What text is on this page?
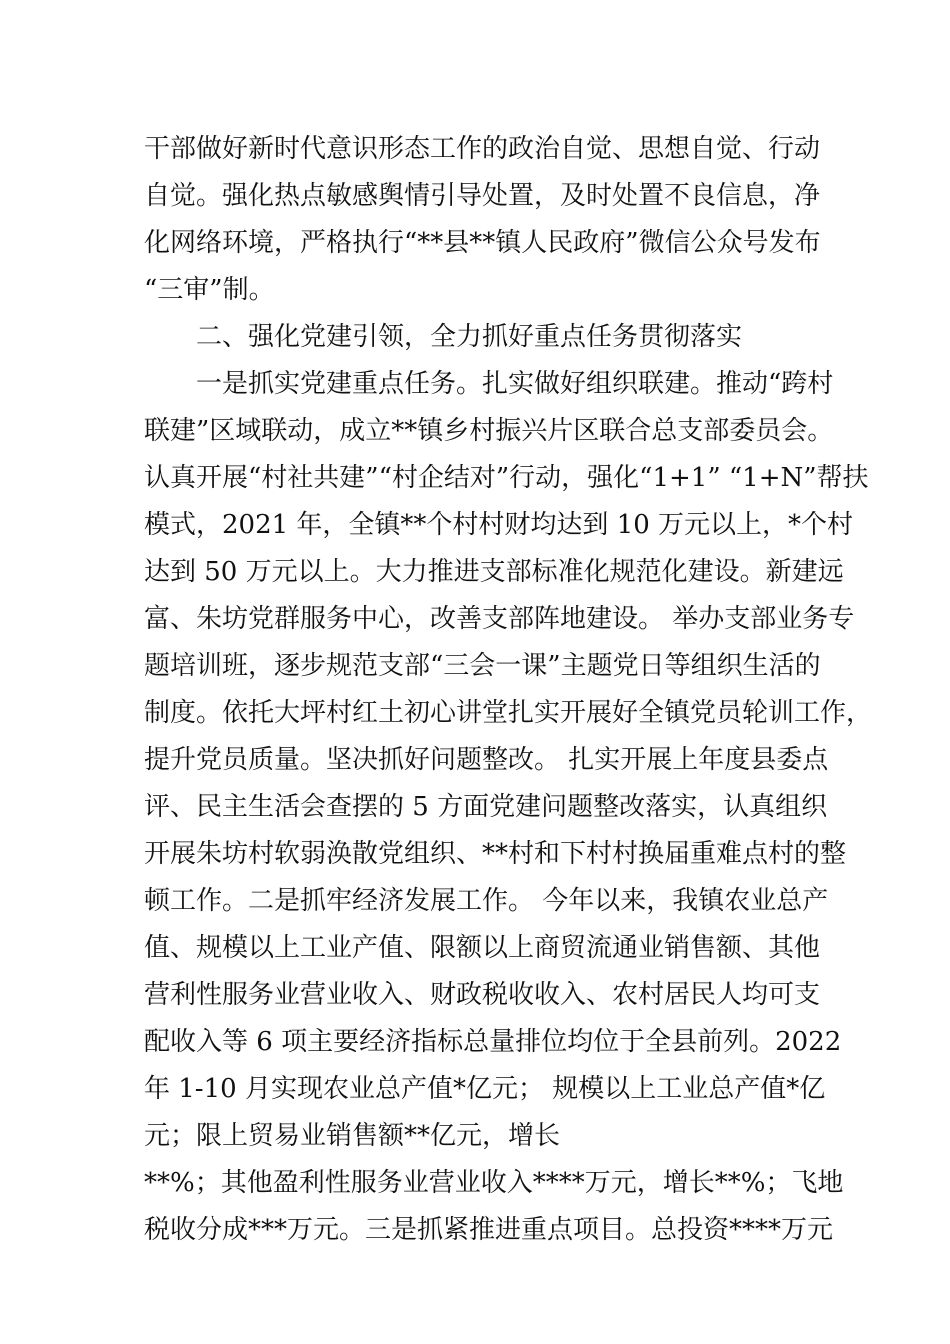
干部做好新时代意识形态工作的政治自觉、思想自觉、行动
自觉。强化热点敏感舆情引导处置，及时处置不良信息，净
化网络环境，严格执行“**县**镇人民政府”微信公众号发布
“三审”制。
　　二、强化党建引领，全力抓好重点任务贯彻落实
　　一是抓实党建重点任务。扎实做好组织联建。推动“跨村
联建”区域联动，成立**镇乡村振兴片区联合总支部委员会。
认真开展“村社共建”“村企结对”行动，强化“1+1” “1+N”帮扶
模式，2021 年，全镇**个村村财均达到 10 万元以上，*个村
达到 50 万元以上。大力推进支部标准化规范化建设。新建远
富、朱坊党群服务中心，改善支部阵地建设。 举办支部业务专
题培训班，逐步规范支部“三会一课”主题党日等组织生活的
制度。依托大坪村红土初心讲堂扎实开展好全镇党员轮训工作，
提升党员质量。坚决抓好问题整改。 扎实开展上年度县委点
评、民主生活会查摆的 5 方面党建问题整改落实，认真组织
开展朱坊村软弱涣散党组织、**村和下村村换届重难点村的整
顿工作。二是抓牢经济发展工作。 今年以来，我镇农业总产
值、规模以上工业产值、限额以上商贸流通业销售额、其他
营利性服务业营业收入、财政税收收入、农村居民人均可支
配收入等 6 项主要经济指标总量排位均位于全县前列。2022
年 1-10 月实现农业总产值*亿元； 规模以上工业总产值*亿
元；限上贸易业销售额**亿元，增长
**%；其他盈利性服务业营业收入****万元，增长**%；飞地
税收分成***万元。三是抓紧推进重点项目。总投资****万元
